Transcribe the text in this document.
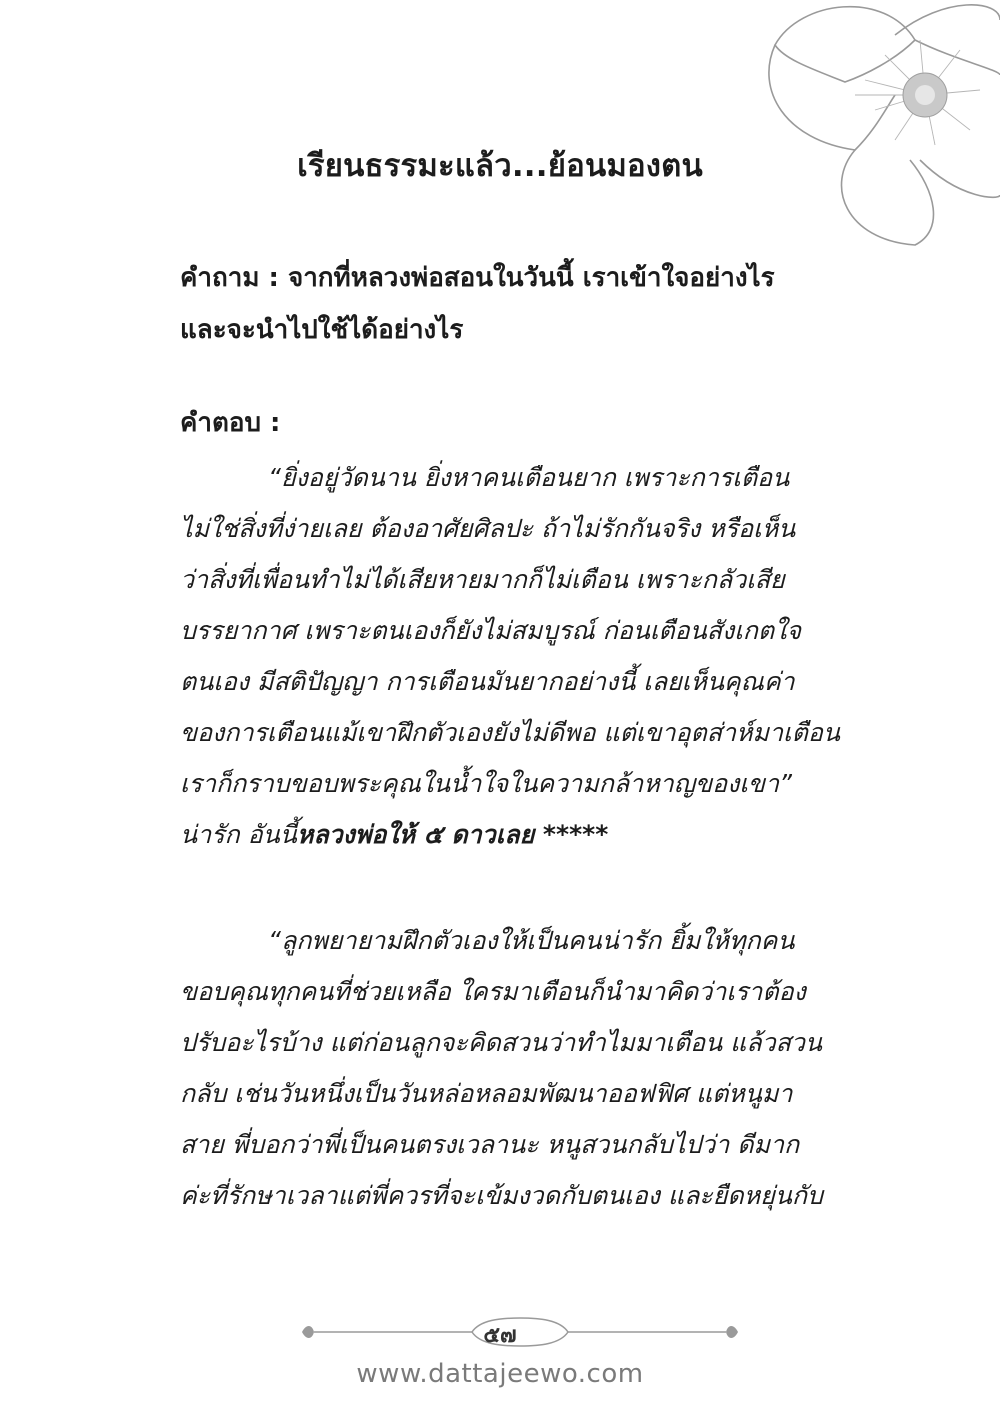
เรียนธรรมะแล้ว...ย้อนมองตน
คำถาม : จากที่หลวงพ่อสอนในวันนี้ เราเข้าใจอย่างไร
และจะนำไปใช้ได้อย่างไร
คำตอบ :

“ยิ่งอยู่วัดนาน ยิ่งหาคนเตือนยาก เพราะการเตือน
ไม่ใช่สิ่งที่ง่ายเลย ต้องอาศัยศิลปะ ถ้าไม่รักกันจริง หรือเห็น
ว่าสิ่งที่เพื่อนทำไม่ได้เสียหายมากก็ไม่เตือน เพราะกลัวเสีย
บรรยากาศ เพราะตนเองก็ยังไม่สมบูรณ์ ก่อนเตือนสังเกตใจ
ตนเอง มีสติปัญญา การเตือนมันยากอย่างนี้ เลยเห็นคุณค่า
ของการเตือนแม้เขาฝึกตัวเองยังไม่ดีพอ แต่เขาอุตส่าห์มาเตือน
เราก็กราบขอบพระคุณในน้ำใจในความกล้าหาญของเขา”
น่ารัก อันนี้หลวงพ่อให้ ๕ ดาวเลย *****

“ลูกพยายามฝึกตัวเองให้เป็นคนน่ารัก ยิ้มให้ทุกคน
ขอบคุณทุกคนที่ช่วยเหลือ ใครมาเตือนก็นำมาคิดว่าเราต้อง
ปรับอะไรบ้าง แต่ก่อนลูกจะคิดสวนว่าทำไมมาเตือน แล้วสวน
กลับ เช่นวันหนึ่งเป็นวันหล่อหลอมพัฒนาออฟฟิศ แต่หนูมา
สาย พี่บอกว่าพี่เป็นคนตรงเวลานะ หนูสวนกลับไปว่า ดีมาก
ค่ะที่รักษาเวลาแต่พี่ควรที่จะเข้มงวดกับตนเอง และยืดหยุ่นกับ

๕๗
www.dattajeewo.com
